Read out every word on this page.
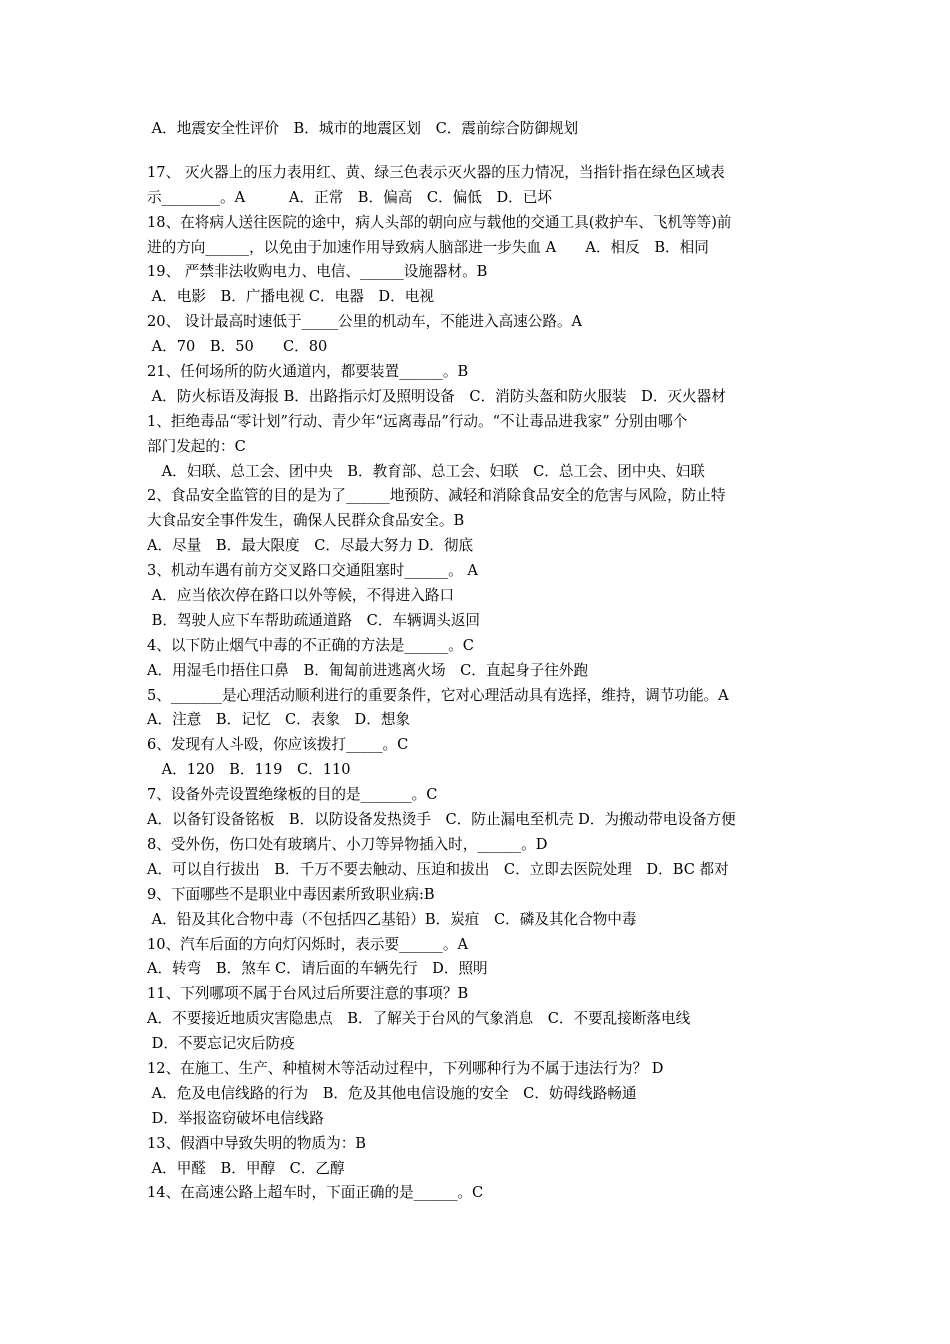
A．地震安全性评价　B．城市的地震区划　C．震前综合防御规划
17、 灭火器上的压力表用红、黄、绿三色表示灭火器的压力情况，当指针指在绿色区域表
示________。A　　　A．正常　B．偏高　C．偏低　D．已坏
18、在将病人送往医院的途中，病人头部的朝向应与载他的交通工具(救护车、飞机等等)前
进的方向______，以免由于加速作用导致病人脑部进一步失血 A　　A．相反　B．相同
19、 严禁非法收购电力、电信、______设施器材。B
A．电影　B．广播电视 C．电器　D．电视
20、 设计最高时速低于_____公里的机动车，不能进入高速公路。A
A．70　B．50　　C．80
21、任何场所的防火通道内，都要装置______。B
A．防火标语及海报 B．出路指示灯及照明设备　C．消防头盔和防火服装　D．灭火器材
1、拒绝毒品“零计划”行动、青少年“远离毒品”行动。“不让毒品进我家” 分别由哪个
部门发起的：C
　A．妇联、总工会、团中央　B．教育部、总工会、妇联　C．总工会、团中央、妇联
2、食品安全监管的目的是为了______地预防、减轻和消除食品安全的危害与风险，防止特
大食品安全事件发生，确保人民群众食品安全。B
A．尽量　B．最大限度　C．尽最大努力 D．彻底
3、机动车遇有前方交叉路口交通阻塞时______。 A
A．应当依次停在路口以外等候，不得进入路口
B．驾驶人应下车帮助疏通道路　C．车辆调头返回
4、以下防止烟气中毒的不正确的方法是______。C
A．用湿毛巾捂住口鼻　B．匍匐前进逃离火场　C．直起身子往外跑
5、_______是心理活动顺利进行的重要条件，它对心理活动具有选择，维持，调节功能。A
A．注意　B．记忆　C．表象　D．想象
6、发现有人斗殴，你应该拨打_____。C
　A．120　B．119　C．110
7、设备外壳设置绝缘板的目的是_______。C
A．以备钉设备铭板　B．以防设备发热烫手　C．防止漏电至机壳 D．为搬动带电设备方便
8、受外伤，伤口处有玻璃片、小刀等异物插入时，______。D
A．可以自行拔出　B．千万不要去触动、压迫和拔出　C．立即去医院处理　D．BC 都对
9、下面哪些不是职业中毒因素所致职业病:B
A．铅及其化合物中毒（不包括四乙基铅）B．炭疽　C．磷及其化合物中毒
10、汽车后面的方向灯闪烁时，表示要______。A
A．转弯　B．煞车 C．请后面的车辆先行　D．照明
11、下列哪项不属于台风过后所要注意的事项？B
A．不要接近地质灾害隐患点　B．了解关于台风的气象消息　C．不要乱接断落电线
D．不要忘记灾后防疫
12、在施工、生产、种植树木等活动过程中，下列哪种行为不属于违法行为？ D
A．危及电信线路的行为　B．危及其他电信设施的安全　C．妨碍线路畅通
D．举报盗窃破坏电信线路
13、假酒中导致失明的物质为：B
A．甲醛　B．甲醇　C．乙醇
14、在高速公路上超车时，下面正确的是______。C
